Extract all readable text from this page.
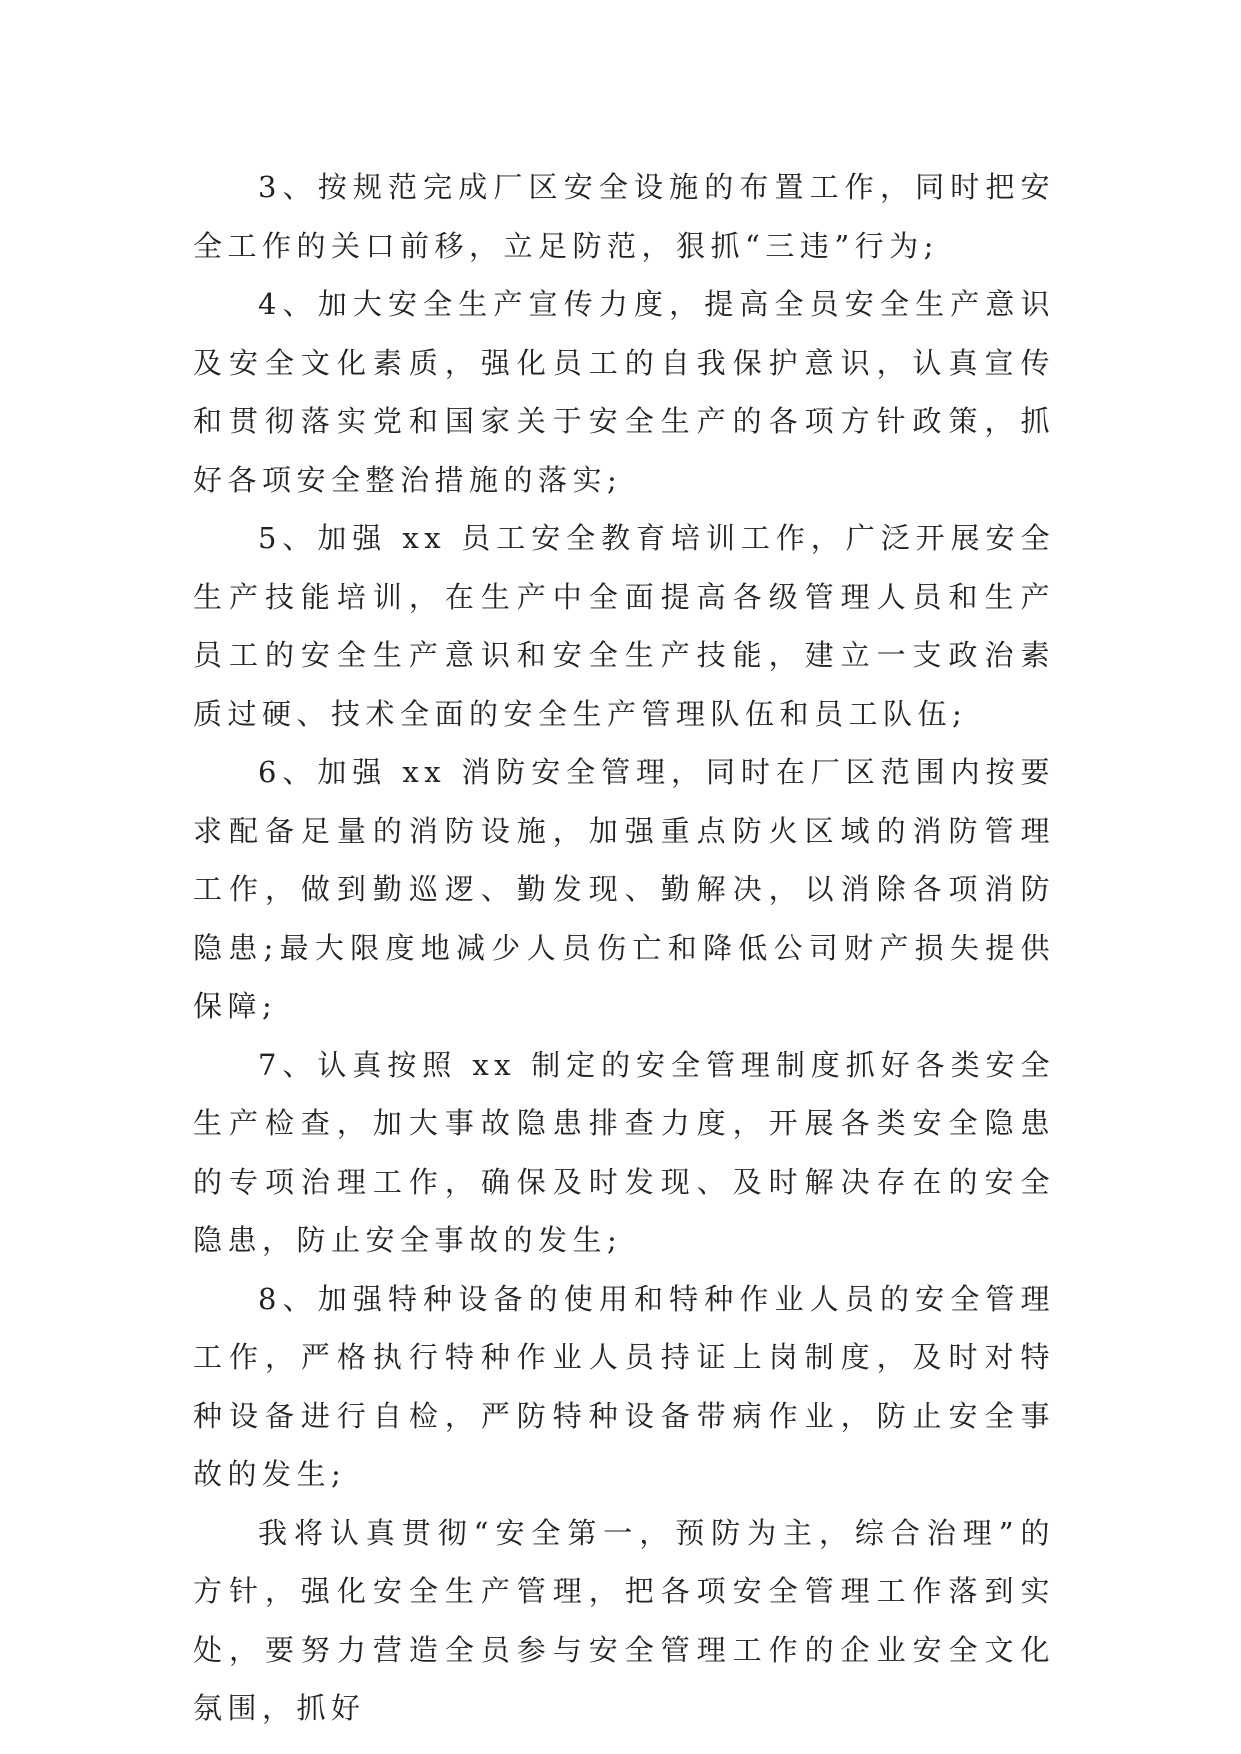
3、按规范完成厂区安全设施的布置工作，同时把安全工作的关口前移，立足防范，狠抓“三违”行为;

4、加大安全生产宣传力度，提高全员安全生产意识及安全文化素质，强化员工的自我保护意识，认真宣传和贯彻落实党和国家关于安全生产的各项方针政策，抓好各项安全整治措施的落实;

5、加强 xx 员工安全教育培训工作，广泛开展安全生产技能培训，在生产中全面提高各级管理人员和生产员工的安全生产意识和安全生产技能，建立一支政治素质过硬、技术全面的安全生产管理队伍和员工队伍;

6、加强 xx 消防安全管理，同时在厂区范围内按要求配备足量的消防设施，加强重点防火区域的消防管理工作，做到勤巡逻、勤发现、勤解决，以消除各项消防隐患;最大限度地减少人员伤亡和降低公司财产损失提供保障;

7、认真按照 xx 制定的安全管理制度抓好各类安全生产检查，加大事故隐患排查力度，开展各类安全隐患的专项治理工作，确保及时发现、及时解决存在的安全隐患，防止安全事故的发生;

8、加强特种设备的使用和特种作业人员的安全管理工作，严格执行特种作业人员持证上岗制度，及时对特种设备进行自检，严防特种设备带病作业，防止安全事故的发生;

我将认真贯彻“安全第一，预防为主，综合治理”的方针，强化安全生产管理，把各项安全管理工作落到实处，要努力营造全员参与安全管理工作的企业安全文化氛围，抓好
